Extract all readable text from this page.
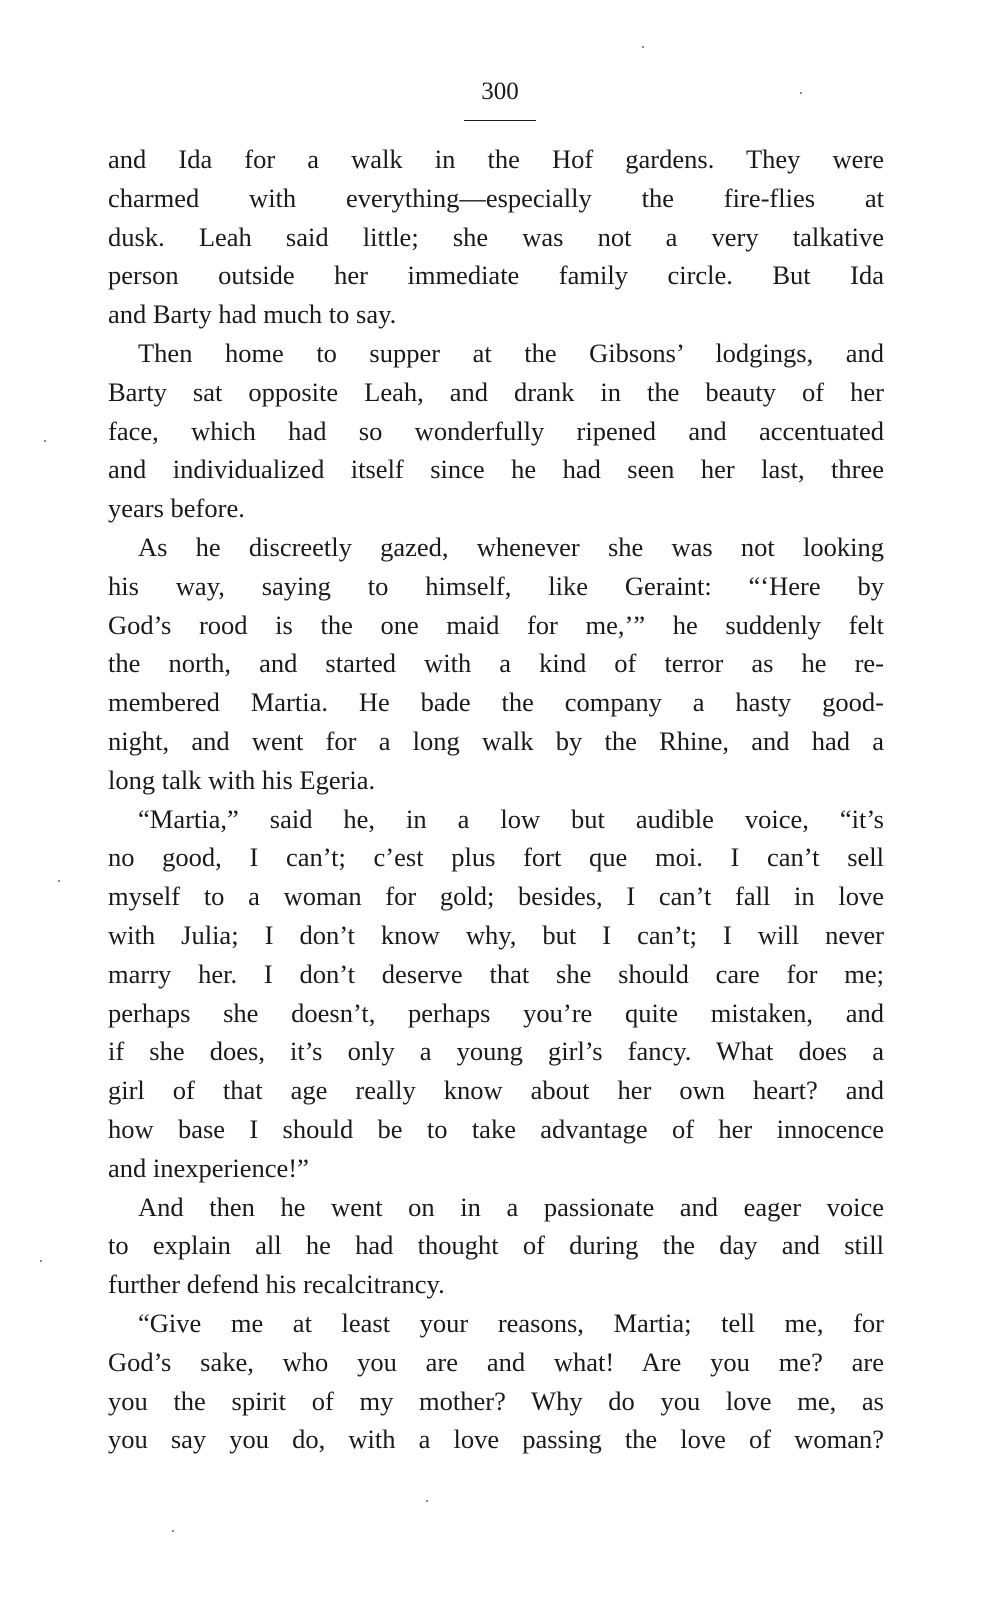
300
and Ida for a walk in the Hof gardens. They were
charmed with everything—especially the fire-flies at
dusk. Leah said little; she was not a very talkative
person outside her immediate family circle. But Ida
and Barty had much to say.
Then home to supper at the Gibsons’ lodgings, and
Barty sat opposite Leah, and drank in the beauty of her
face, which had so wonderfully ripened and accentuated
and individualized itself since he had seen her last, three
years before.
As he discreetly gazed, whenever she was not looking
his way, saying to himself, like Geraint: “‘Here by
God’s rood is the one maid for me,’” he suddenly felt
the north, and started with a kind of terror as he re-
membered Martia. He bade the company a hasty good-
night, and went for a long walk by the Rhine, and had a
long talk with his Egeria.
“Martia,” said he, in a low but audible voice, “it’s
no good, I can’t; c’est plus fort que moi. I can’t sell
myself to a woman for gold; besides, I can’t fall in love
with Julia; I don’t know why, but I can’t; I will never
marry her. I don’t deserve that she should care for me;
perhaps she doesn’t, perhaps you’re quite mistaken, and
if she does, it’s only a young girl’s fancy. What does a
girl of that age really know about her own heart? and
how base I should be to take advantage of her innocence
and inexperience!”
And then he went on in a passionate and eager voice
to explain all he had thought of during the day and still
further defend his recalcitrancy.
“Give me at least your reasons, Martia; tell me, for
God’s sake, who you are and what! Are you me? are
you the spirit of my mother? Why do you love me, as
you say you do, with a love passing the love of woman?
